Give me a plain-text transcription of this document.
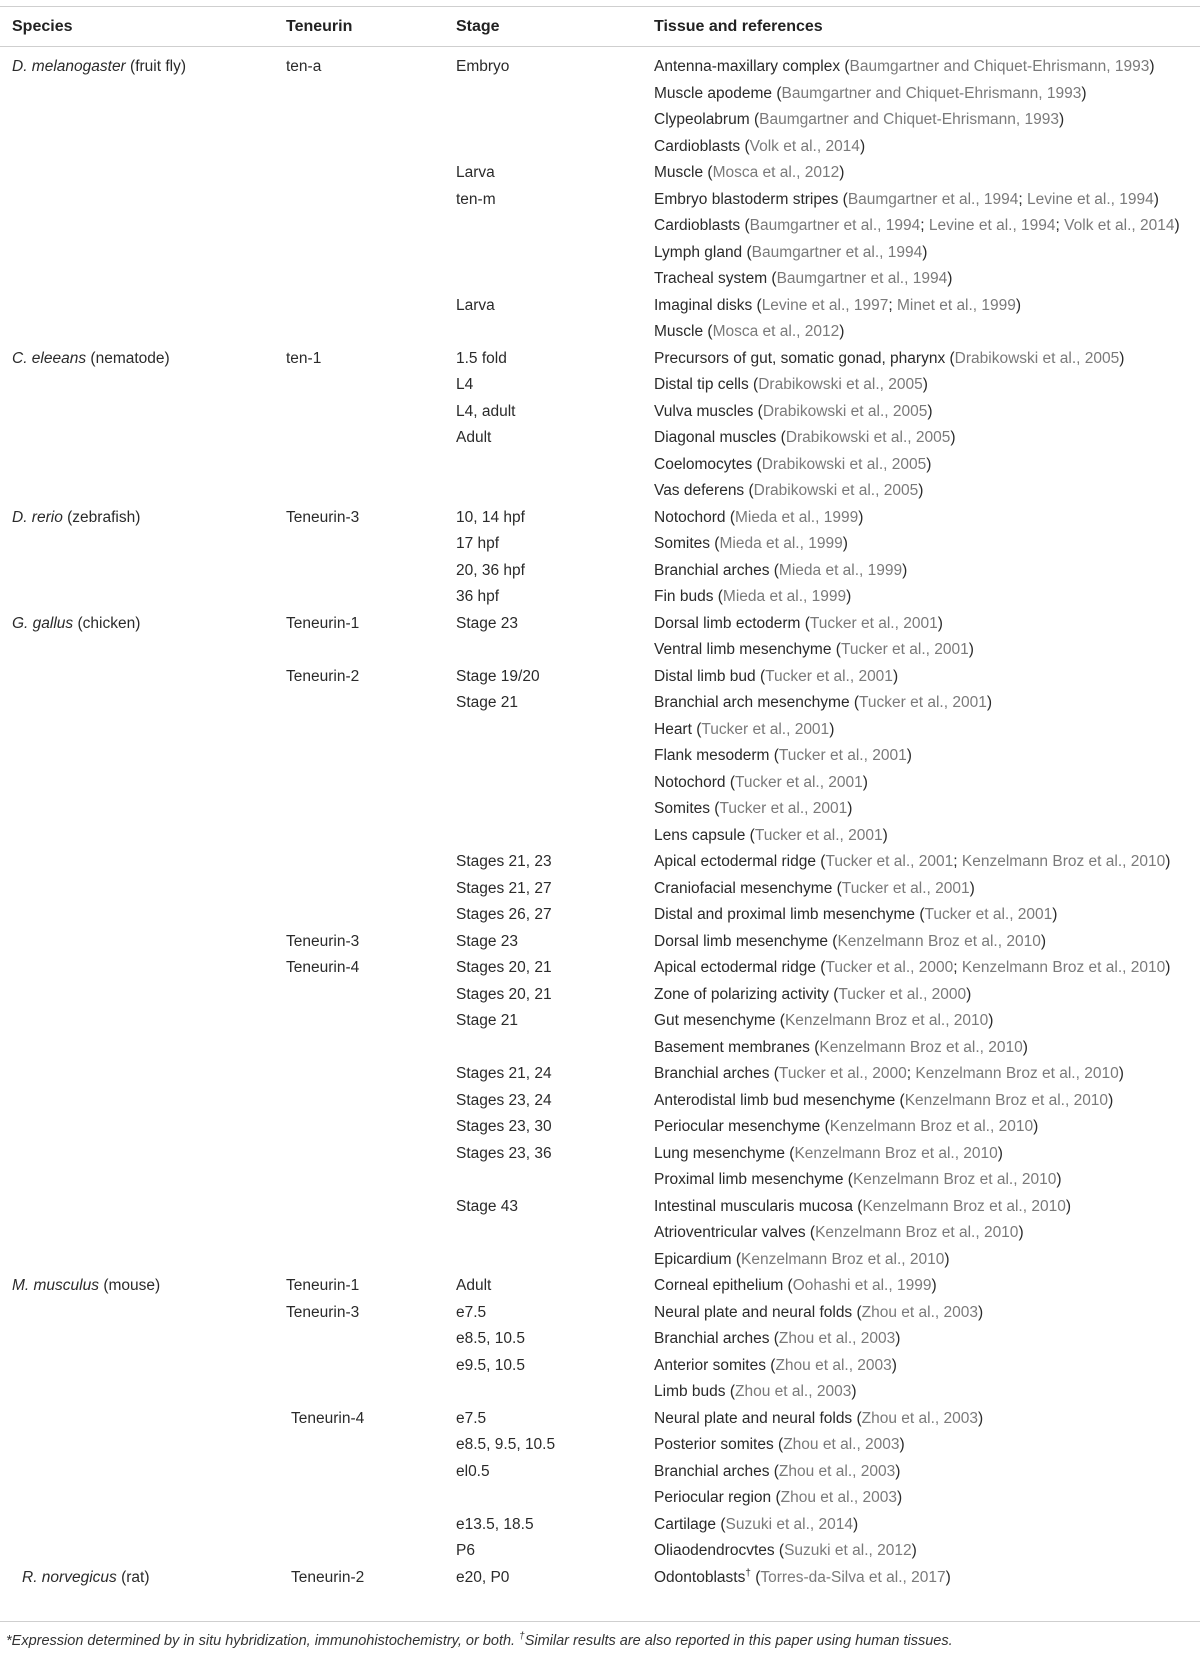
Species	Teneurin	Stage	Tissue and references
D. melanogaster (fruit fly)	ten-a	Embryo	Antenna-maxillary complex (Baumgartner and Chiquet-Ehrismann, 1993)
			Muscle apodeme (Baumgartner and Chiquet-Ehrismann, 1993)
			Clypeolabrum (Baumgartner and Chiquet-Ehrismann, 1993)
			Cardioblasts (Volk et al., 2014)
		Larva	Muscle (Mosca et al., 2012)
		ten-m	Embryo blastoderm stripes (Baumgartner et al., 1994; Levine et al., 1994)
			Cardioblasts (Baumgartner et al., 1994; Levine et al., 1994; Volk et al., 2014)
			Lymph gland (Baumgartner et al., 1994)
			Tracheal system (Baumgartner et al., 1994)
		Larva	Imaginal disks (Levine et al., 1997; Minet et al., 1999)
			Muscle (Mosca et al., 2012)
C. eleeans (nematode)	ten-1	1.5 fold	Precursors of gut, somatic gonad, pharynx (Drabikowski et al., 2005)
		L4	Distal tip cells (Drabikowski et al., 2005)
		L4, adult	Vulva muscles (Drabikowski et al., 2005)
		Adult	Diagonal muscles (Drabikowski et al., 2005)
			Coelomocytes (Drabikowski et al., 2005)
			Vas deferens (Drabikowski et al., 2005)
D. rerio (zebrafish)	Teneurin-3	10, 14 hpf	Notochord (Mieda et al., 1999)
		17 hpf	Somites (Mieda et al., 1999)
		20, 36 hpf	Branchial arches (Mieda et al., 1999)
		36 hpf	Fin buds (Mieda et al., 1999)
G. gallus (chicken)	Teneurin-1	Stage 23	Dorsal limb ectoderm (Tucker et al., 2001)
			Ventral limb mesenchyme (Tucker et al., 2001)
	Teneurin-2	Stage 19/20	Distal limb bud (Tucker et al., 2001)
		Stage 21	Branchial arch mesenchyme (Tucker et al., 2001)
			Heart (Tucker et al., 2001)
			Flank mesoderm (Tucker et al., 2001)
			Notochord (Tucker et al., 2001)
			Somites (Tucker et al., 2001)
			Lens capsule (Tucker et al., 2001)
		Stages 21, 23	Apical ectodermal ridge (Tucker et al., 2001; Kenzelmann Broz et al., 2010)
		Stages 21, 27	Craniofacial mesenchyme (Tucker et al., 2001)
		Stages 26, 27	Distal and proximal limb mesenchyme (Tucker et al., 2001)
	Teneurin-3	Stage 23	Dorsal limb mesenchyme (Kenzelmann Broz et al., 2010)
	Teneurin-4	Stages 20, 21	Apical ectodermal ridge (Tucker et al., 2000; Kenzelmann Broz et al., 2010)
		Stages 20, 21	Zone of polarizing activity (Tucker et al., 2000)
		Stage 21	Gut mesenchyme (Kenzelmann Broz et al., 2010)
			Basement membranes (Kenzelmann Broz et al., 2010)
		Stages 21, 24	Branchial arches (Tucker et al., 2000; Kenzelmann Broz et al., 2010)
		Stages 23, 24	Anterodistal limb bud mesenchyme (Kenzelmann Broz et al., 2010)
		Stages 23, 30	Periocular mesenchyme (Kenzelmann Broz et al., 2010)
		Stages 23, 36	Lung mesenchyme (Kenzelmann Broz et al., 2010)
			Proximal limb mesenchyme (Kenzelmann Broz et al., 2010)
		Stage 43	Intestinal muscularis mucosa (Kenzelmann Broz et al., 2010)
			Atrioventricular valves (Kenzelmann Broz et al., 2010)
			Epicardium (Kenzelmann Broz et al., 2010)
M. musculus (mouse)	Teneurin-1	Adult	Corneal epithelium (Oohashi et al., 1999)
	Teneurin-3	e7.5	Neural plate and neural folds (Zhou et al., 2003)
		e8.5, 10.5	Branchial arches (Zhou et al., 2003)
		e9.5, 10.5	Anterior somites (Zhou et al., 2003)
			Limb buds (Zhou et al., 2003)
	Teneurin-4	e7.5	Neural plate and neural folds (Zhou et al., 2003)
		e8.5, 9.5, 10.5	Posterior somites (Zhou et al., 2003)
		el0.5	Branchial arches (Zhou et al., 2003)
			Periocular region (Zhou et al., 2003)
		e13.5, 18.5	Cartilage (Suzuki et al., 2014)
		P6	Oliaodendrocvtes (Suzuki et al., 2012)
R. norvegicus (rat)	Teneurin-2	e20, P0	Odontoblasts† (Torres-da-Silva et al., 2017)
*Expression determined by in situ hybridization, immunohistochemistry, or both. †Similar results are also reported in this paper using human tissues.
